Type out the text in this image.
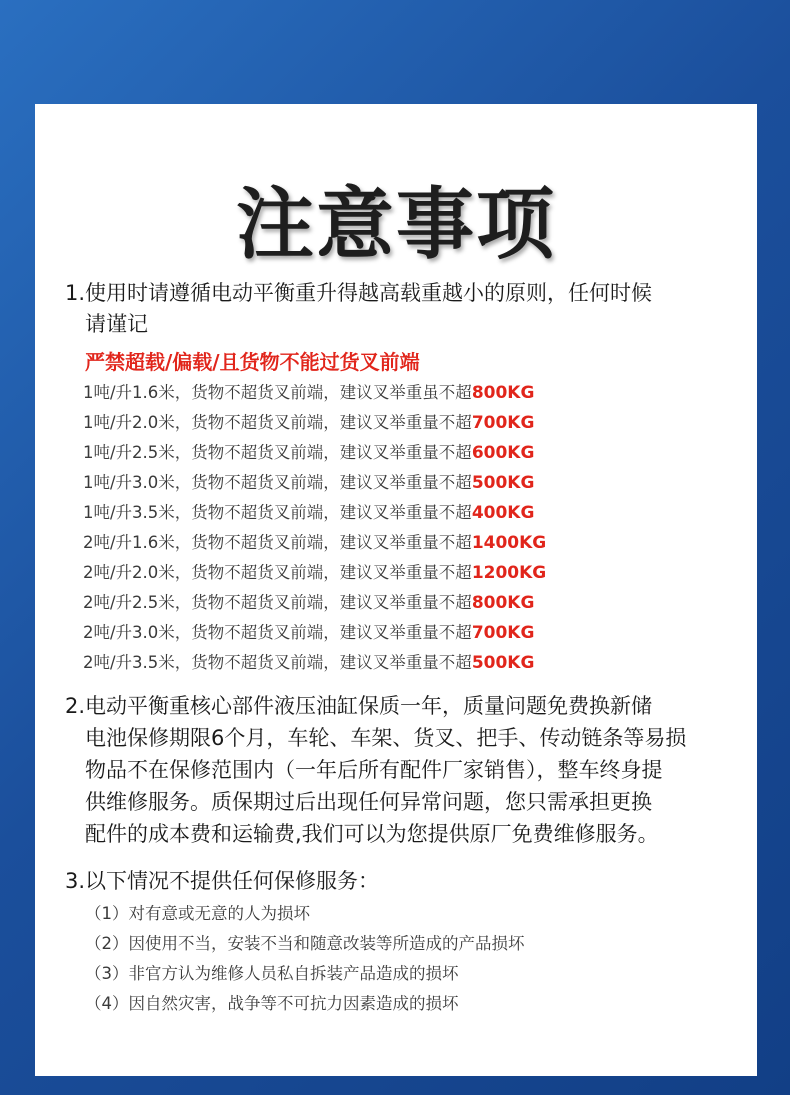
注意事项

1.使用时请遵循电动平衡重升得越高载重越小的原则，任何时候
请谨记

严禁超载/偏载/且货物不能过货叉前端

1吨/升1.6米，货物不超货叉前端，建议叉举重虽不超800KG
1吨/升2.0米，货物不超货叉前端，建议叉举重量不超700KG
1吨/升2.5米，货物不超货叉前端，建议叉举重量不超600KG
1吨/升3.0米，货物不超货叉前端，建议叉举重量不超500KG
1吨/升3.5米，货物不超货叉前端，建议叉举重量不超400KG
2吨/升1.6米，货物不超货叉前端，建议叉举重量不超1400KG
2吨/升2.0米，货物不超货叉前端，建议叉举重量不超1200KG
2吨/升2.5米，货物不超货叉前端，建议叉举重量不超800KG
2吨/升3.0米，货物不超货叉前端，建议叉举重量不超700KG
2吨/升3.5米，货物不超货叉前端，建议叉举重量不超500KG

2.电动平衡重核心部件液压油缸保质一年，质量问题免费换新储
电池保修期限6个月，车轮、车架、货叉、把手、传动链条等易损
物品不在保修范围内（一年后所有配件厂家销售），整车终身提
供维修服务。质保期过后出现任何异常问题，您只需承担更换
配件的成本费和运输费,我们可以为您提供原厂免费维修服务。

3.以下情况不提供任何保修服务：

（1）对有意或无意的人为损坏
（2）因使用不当，安装不当和随意改装等所造成的产品损坏
（3）非官方认为维修人员私自拆装产品造成的损坏
（4）因自然灾害，战争等不可抗力因素造成的损坏
